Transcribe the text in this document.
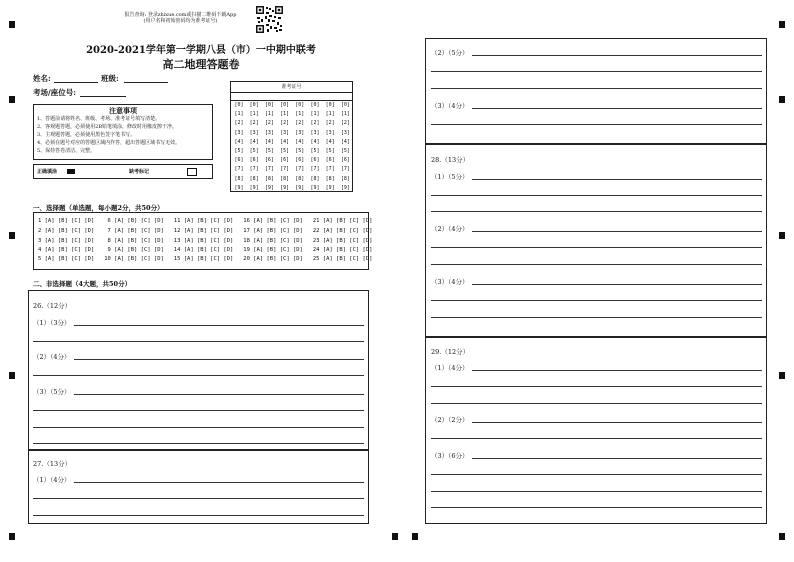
报告查询: 登录zhixue.com或扫描二维码下载App
(用户名和初始密码均为准考证号)
2020-2021学年第一学期八县（市）一中期中联考
高二地理答题卷
姓名:	班级:
考场/座位号:
注意事项
1、答题前请将姓名、班级、考场、准考证号填写清楚。
2、客观题答题，必须使用2B铅笔填涂，修改时用橡皮擦干净。
3、主观题答题，必须使用黑色签字笔书写。
4、必须在题号对应的答题区域内作答，超出答题区域书写无效。
5、保持答卷清洁、完整。
正确填涂	缺考标记
准考证号
[0]
[1]
[2]
[3]
[4]
[5]
[6]
[7]
[8]
[9]
[0]
[1]
[2]
[3]
[4]
[5]
[6]
[7]
[8]
[9]
[0]
[1]
[2]
[3]
[4]
[5]
[6]
[7]
[8]
[9]
[0]
[1]
[2]
[3]
[4]
[5]
[6]
[7]
[8]
[9]
[0]
[1]
[2]
[3]
[4]
[5]
[6]
[7]
[8]
[9]
[0]
[1]
[2]
[3]
[4]
[5]
[6]
[7]
[8]
[9]
[0]
[1]
[2]
[3]
[4]
[5]
[6]
[7]
[8]
[9]
[0]
[1]
[2]
[3]
[4]
[5]
[6]
[7]
[8]
[9]
一、选择题（单选题，每小题2分，共50分）
1 [A] [B] [C] [D]    6 [A] [B] [C] [D]   11 [A] [B] [C] [D]   16 [A] [B] [C] [D]   21 [A] [B] [C] [D]
2 [A] [B] [C] [D]    7 [A] [B] [C] [D]   12 [A] [B] [C] [D]   17 [A] [B] [C] [D]   22 [A] [B] [C] [D]
3 [A] [B] [C] [D]    8 [A] [B] [C] [D]   13 [A] [B] [C] [D]   18 [A] [B] [C] [D]   23 [A] [B] [C] [D]
4 [A] [B] [C] [D]    9 [A] [B] [C] [D]   14 [A] [B] [C] [D]   19 [A] [B] [C] [D]   24 [A] [B] [C] [D]
5 [A] [B] [C] [D]   10 [A] [B] [C] [D]   15 [A] [B] [C] [D]   20 [A] [B] [C] [D]   25 [A] [B] [C] [D]
二、非选择题（4大题，共50分）
26.（12分）
（1）（3分）
（2）（4分）
（3）（5分）
27.（13分）
（1）（4分）
（2）（5分）
（3）（4分）
28.（13分）
（1）（5分）
（2）（4分）
（3）（4分）
29.（12分）
（1）（4分）
（2）（2分）
（3）（6分）
